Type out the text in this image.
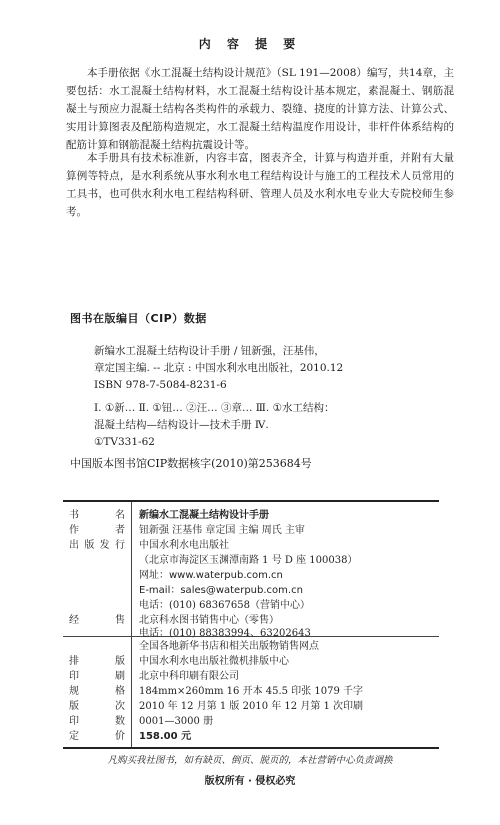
内 容 提 要

本手册依据《水工混凝土结构设计规范》（SL 191—2008）编写，共14章，主要包括：水工混凝土结构材料，水工混凝土结构设计基本规定，素混凝土、钢筋混凝土与预应力混凝土结构各类构件的承载力、裂缝、挠度的计算方法、计算公式、实用计算图表及配筋构造规定，水工混凝土结构温度作用设计，非杆件体系结构的配筋计算和钢筋混凝土结构抗震设计等。

本手册具有技术标准新，内容丰富，图表齐全，计算与构造并重，并附有大量算例等特点，是水利系统从事水利水电工程结构设计与施工的工程技术人员常用的工具书，也可供水利水电工程结构科研、管理人员及水利水电专业大专院校师生参考。

图书在版编目（CIP）数据
新编水工混凝土结构设计手册 / 钮新强，汪基伟，
章定国主编. -- 北京 : 中国水利水电出版社，2010.12
ISBN 978-7-5084-8231-6
Ⅰ. ①新… Ⅱ. ①钮… ②汪… ③章… Ⅲ. ①水工结构：
混凝土结构—结构设计—技术手册 Ⅳ.
①TV331-62
中国版本图书馆CIP数据核字(2010)第253684号
书 名 新编水工混凝土结构设计手册
作 者 钮新强 汪基伟 章定国 主编 周氏 主审
出版发行 中国水利水电出版社
（北京市海淀区玉渊潭南路 1 号 D 座 100038）
网址：www.waterpub.com.cn
E-mail：sales@waterpub.com.cn
电话：(010) 68367658（营销中心）
经 售 北京科水图书销售中心（零售）
电话：(010) 88383994、63202643
全国各地新华书店和相关出版物销售网点
排 版 中国水利水电出版社微机排版中心
印 刷 北京中科印刷有限公司
规 格 184mm×260mm 16 开本 45.5 印张 1079 千字
版 次 2010 年 12 月第 1 版 2010 年 12 月第 1 次印刷
印 数 0001—3000 册
定 价 158.00 元
凡购买我社图书，如有缺页、倒页、脱页的，本社营销中心负责调换
版权所有 · 侵权必究
